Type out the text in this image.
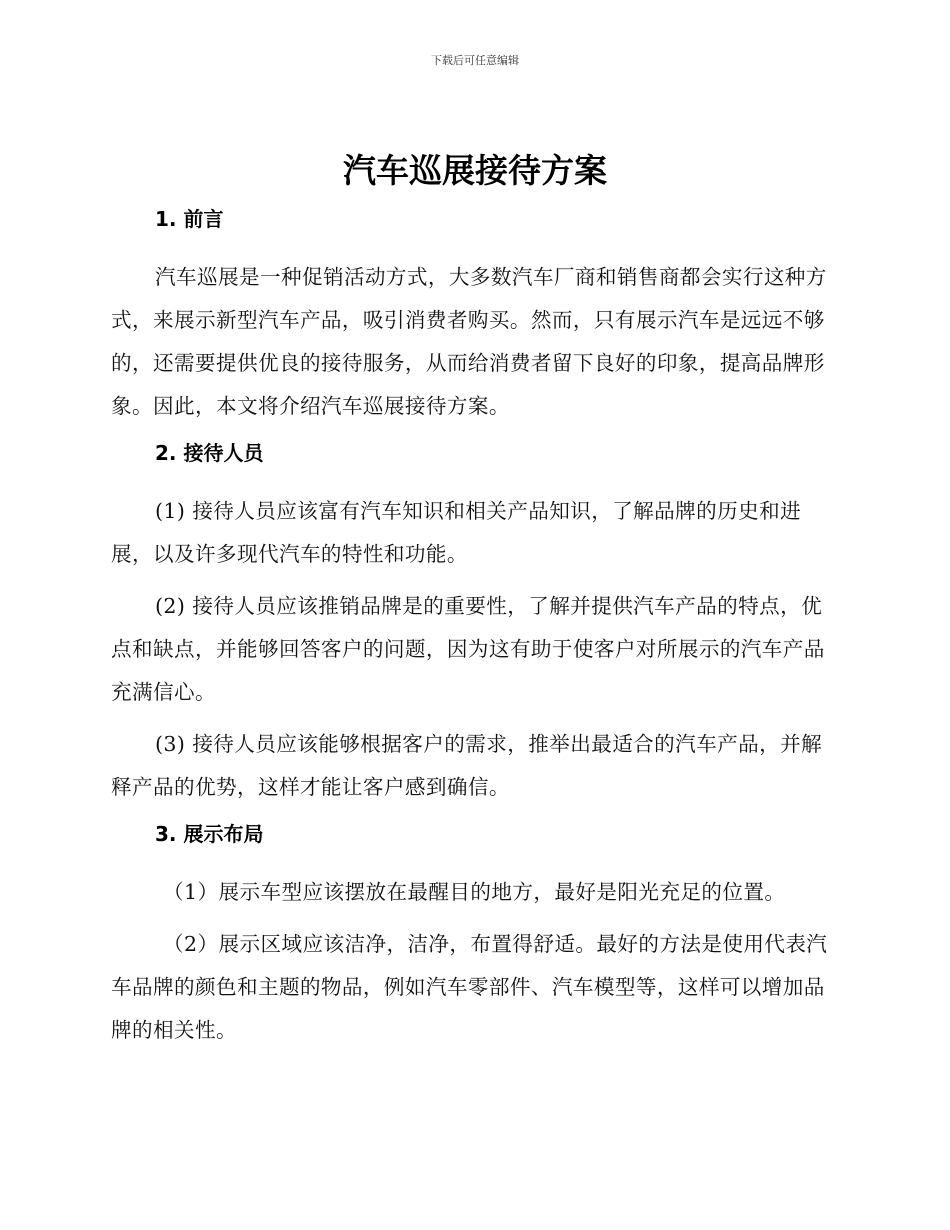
下载后可任意编辑
汽车巡展接待方案
1. 前言

汽车巡展是一种促销活动方式，大多数汽车厂商和销售商都会实行这种方式，来展示新型汽车产品，吸引消费者购买。然而，只有展示汽车是远远不够的，还需要提供优良的接待服务，从而给消费者留下良好的印象，提高品牌形象。因此，本文将介绍汽车巡展接待方案。

2. 接待人员

(1) 接待人员应该富有汽车知识和相关产品知识，了解品牌的历史和进展，以及许多现代汽车的特性和功能。

(2) 接待人员应该推销品牌是的重要性，了解并提供汽车产品的特点，优点和缺点，并能够回答客户的问题，因为这有助于使客户对所展示的汽车产品充满信心。

(3) 接待人员应该能够根据客户的需求，推举出最适合的汽车产品，并解释产品的优势，这样才能让客户感到确信。

3. 展示布局

（1）展示车型应该摆放在最醒目的地方，最好是阳光充足的位置。

（2）展示区域应该洁净，洁净，布置得舒适。最好的方法是使用代表汽车品牌的颜色和主题的物品，例如汽车零部件、汽车模型等，这样可以增加品牌的相关性。
